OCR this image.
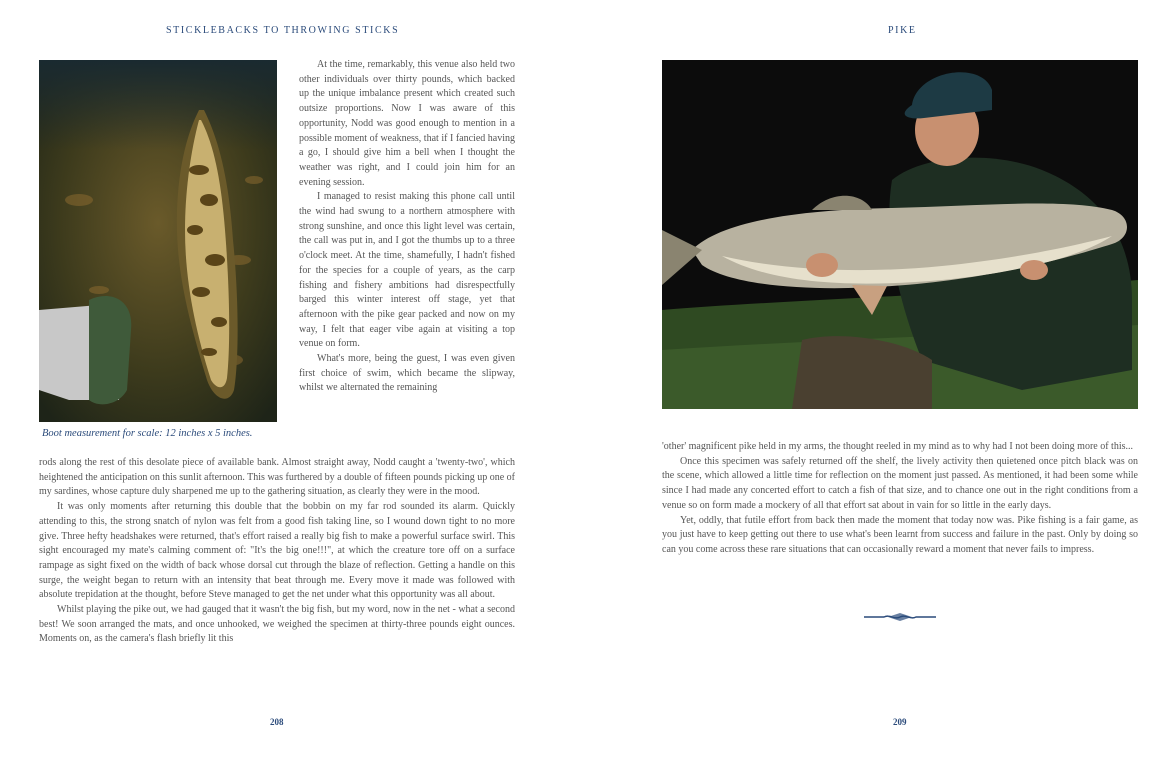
STICKLEBACKS TO THROWING STICKS
Boot measurement for scale: 12 inches x 5 inches.

At the time, remarkably, this venue also held two other individuals over thirty pounds, which backed up the unique imbalance present which created such outsize proportions. Now I was aware of this opportunity, Nodd was good enough to mention in a possible moment of weakness, that if I fancied having a go, I should give him a bell when I thought the weather was right, and I could join him for an evening session.

I managed to resist making this phone call until the wind had swung to a northern atmosphere with strong sunshine, and once this light level was certain, the call was put in, and I got the thumbs up to a three o'clock meet. At the time, shamefully, I hadn't fished for the species for a couple of years, as the carp fishing and fishery ambitions had disrespectfully barged this winter interest off stage, yet that afternoon with the pike gear packed and now on my way, I felt that eager vibe again at visiting a top venue on form.

What's more, being the guest, I was even given first choice of swim, which became the slipway, whilst we alternated the remaining

rods along the rest of this desolate piece of available bank. Almost straight away, Nodd caught a 'twenty-two', which heightened the anticipation on this sunlit afternoon. This was furthered by a double of fifteen pounds picking up one of my sardines, whose capture duly sharpened me up to the gathering situation, as clearly they were in the mood.

It was only moments after returning this double that the bobbin on my far rod sounded its alarm. Quickly attending to this, the strong snatch of nylon was felt from a good fish taking line, so I wound down tight to no more give. Three hefty headshakes were returned, that's effort raised a really big fish to make a powerful surface swirl. This sight encouraged my mate's calming comment of: "It's the big one!!!", at which the creature tore off on a surface rampage as sight fixed on the width of back whose dorsal cut through the blaze of reflection. Getting a handle on this surge, the weight began to return with an intensity that beat through me. Every move it made was followed with absolute trepidation at the thought, before Steve managed to get the net under what this opportunity was all about.

Whilst playing the pike out, we had gauged that it wasn't the big fish, but my word, now in the net - what a second best! We soon arranged the mats, and once unhooked, we weighed the specimen at thirty-three pounds eight ounces. Moments on, as the camera's flash briefly lit this

208
PIKE
209

'other' magnificent pike held in my arms, the thought reeled in my mind as to why had I not been doing more of this...

Once this specimen was safely returned off the shelf, the lively activity then quietened once pitch black was on the scene, which allowed a little time for reflection on the moment just passed. As mentioned, it had been some while since I had made any concerted effort to catch a fish of that size, and to chance one out in the right conditions from a venue so on form made a mockery of all that effort sat about in vain for so little in the early days.

Yet, oddly, that futile effort from back then made the moment that today now was. Pike fishing is a fair game, as you just have to keep getting out there to use what's been learnt from success and failure in the past. Only by doing so can you come across these rare situations that can occasionally reward a moment that never fails to impress.
